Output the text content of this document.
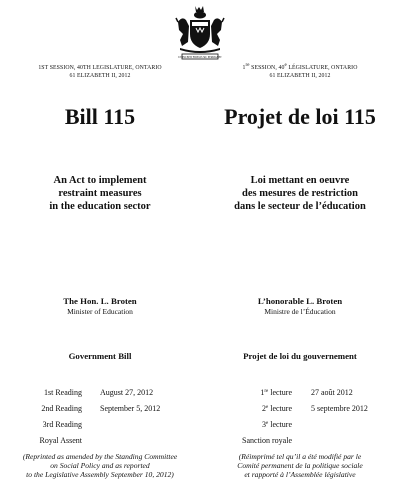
UT INCEPIT FIDELIS SIC PERMANET
1ST SESSION, 40TH LEGISLATURE, ONTARIO
61 ELIZABETH II, 2012
Bill 115
An Act to implement
restraint measures
in the education sector
The Hon. L. Broten
Minister of Education
Government Bill
1st Reading August 27, 2012
2nd Reading September 5, 2012
3rd Reading
Royal Assent
(Reprinted as amended by the Standing Committee
on Social Policy and as reported
to the Legislative Assembly September 10, 2012)
1re SESSION, 40e LÉGISLATURE, ONTARIO
61 ELIZABETH II, 2012
Projet de loi 115
Loi mettant en oeuvre
des mesures de restriction
dans le secteur de l’éducation
L’honorable L. Broten
Ministre de l’Éducation
Projet de loi du gouvernement
1re lecture 27 août 2012
2e lecture 5 septembre 2012
3e lecture
Sanction royale
(Réimprimé tel qu’il a été modifié par le
Comité permanent de la politique sociale
et rapporté à l’Assemblée législative
